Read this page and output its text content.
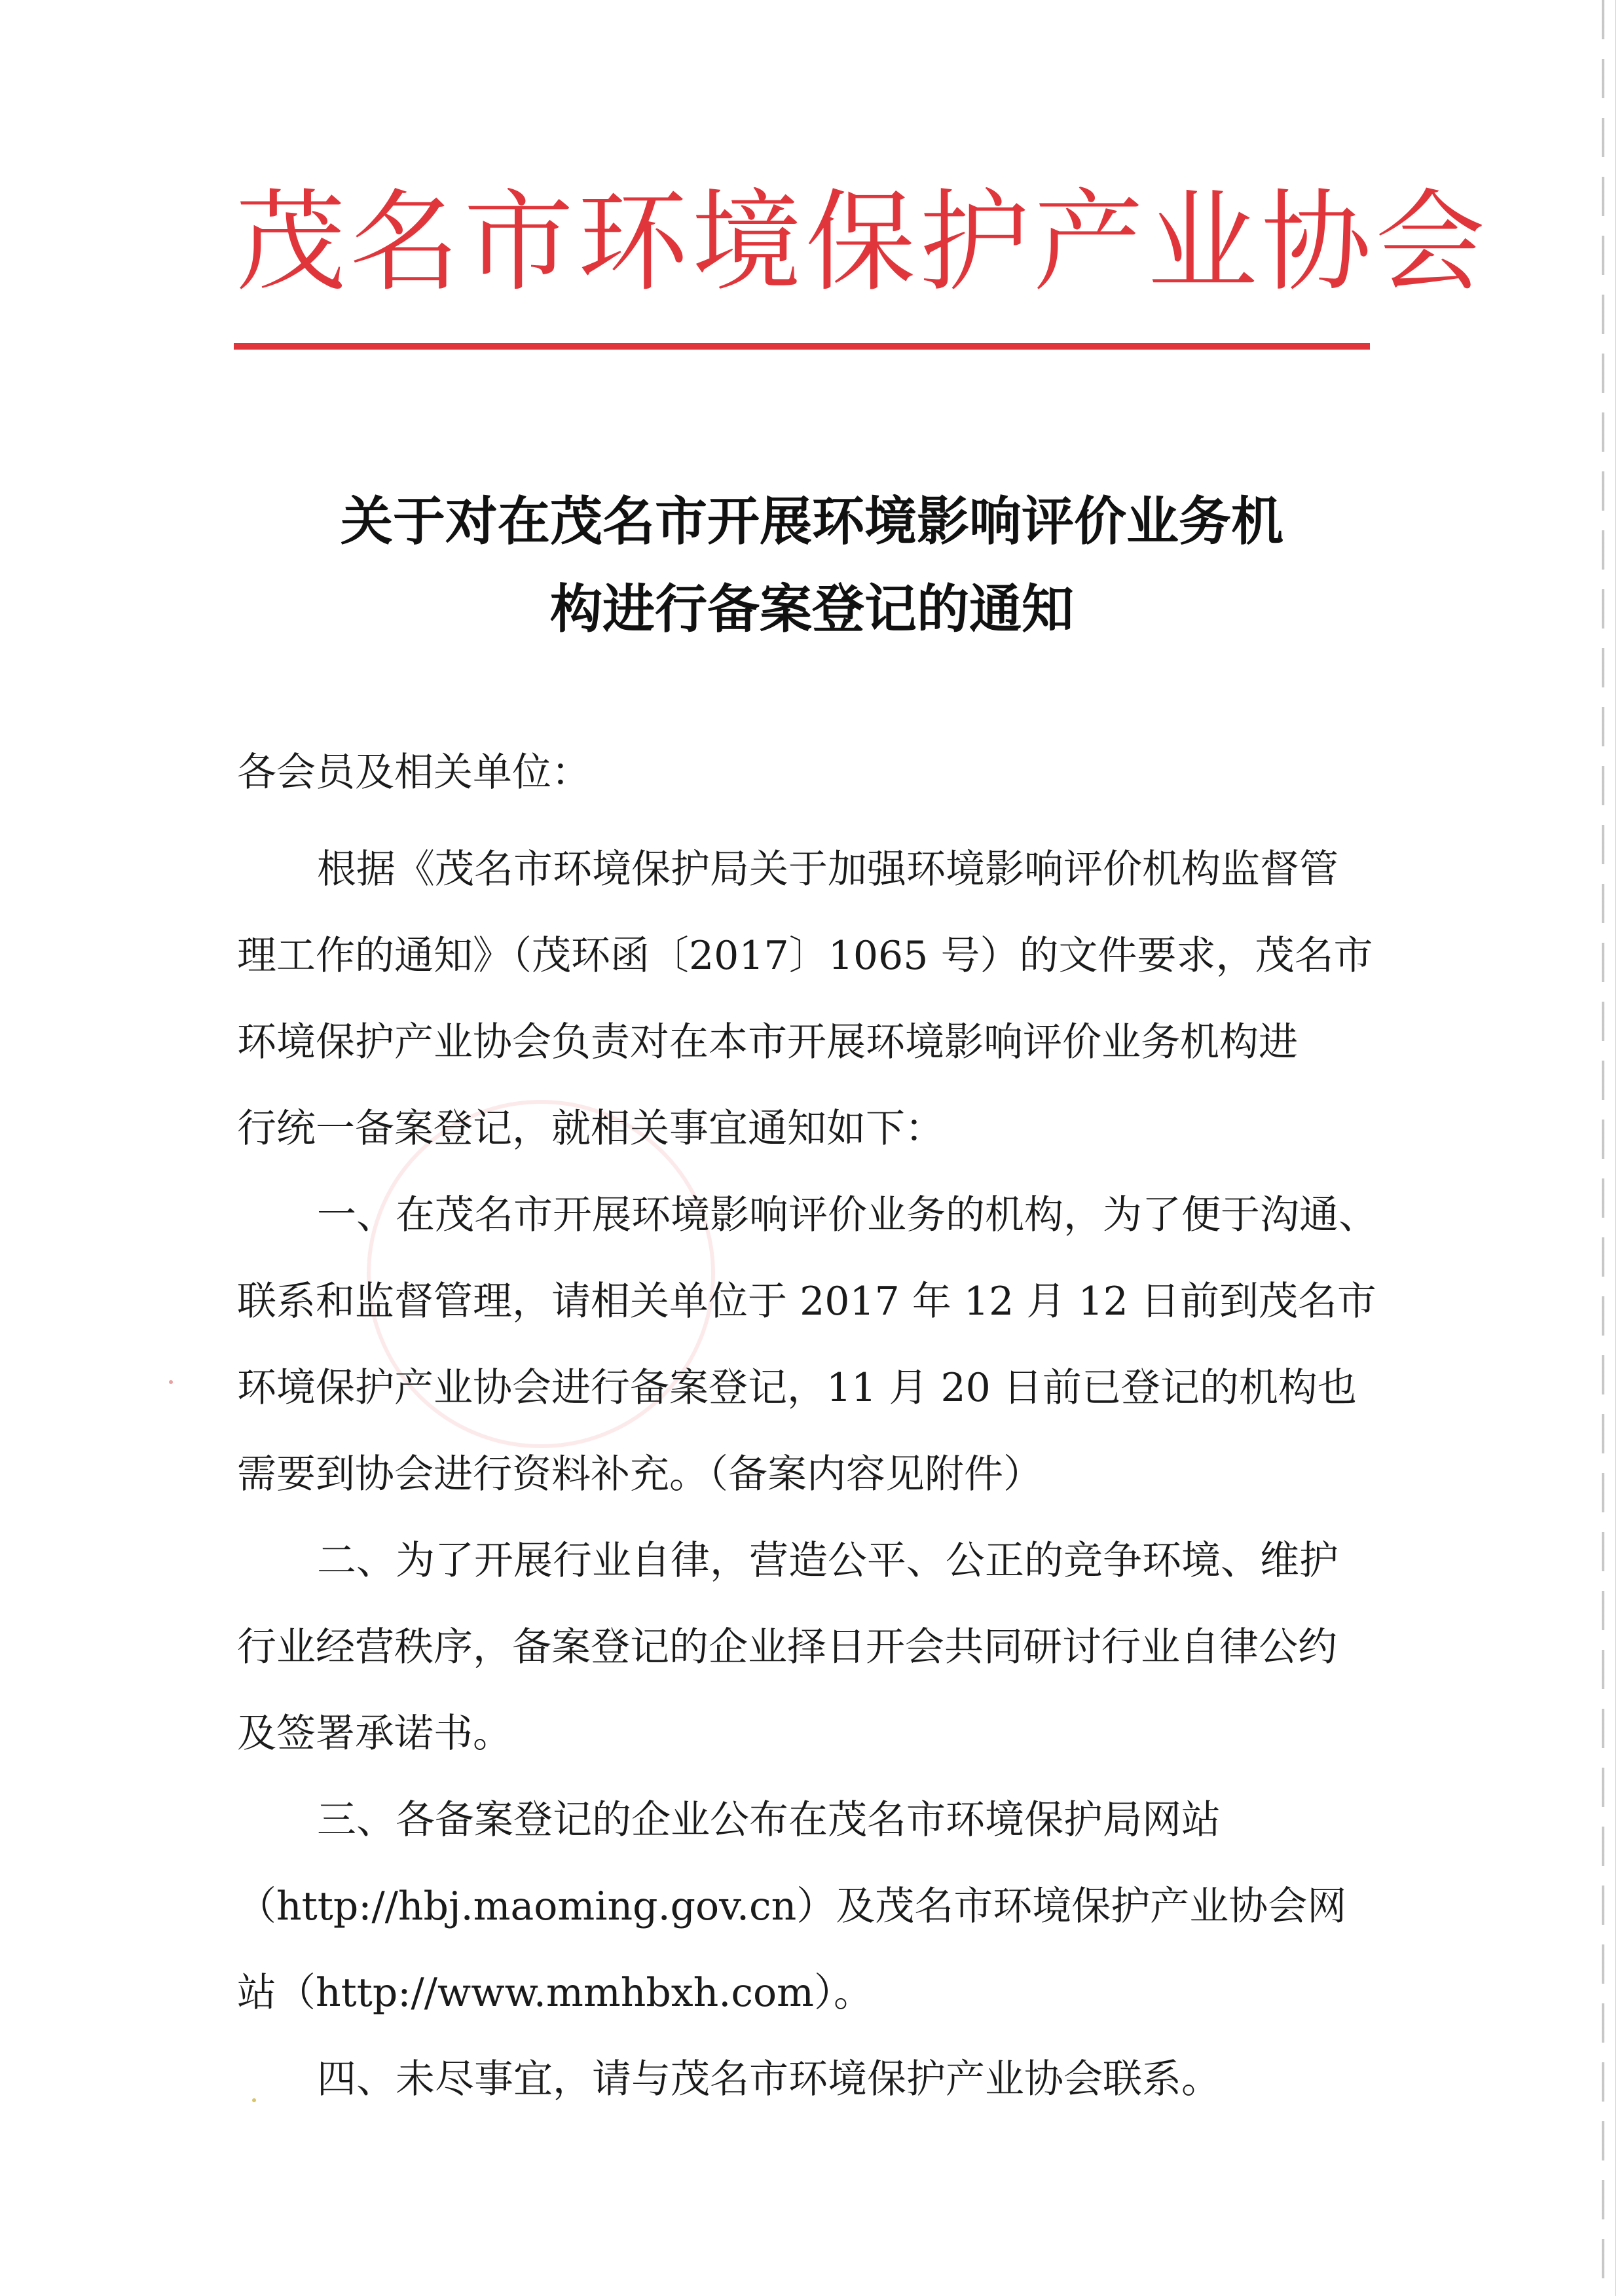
茂名市环境保护产业协会
关于对在茂名市开展环境影响评价业务机
构进行备案登记的通知
各会员及相关单位：
根据《茂名市环境保护局关于加强环境影响评价机构监督管
理工作的通知》（茂环函〔2017〕1065 号）的文件要求，茂名市
环境保护产业协会负责对在本市开展环境影响评价业务机构进
行统一备案登记，就相关事宜通知如下：
一、在茂名市开展环境影响评价业务的机构，为了便于沟通、
联系和监督管理，请相关单位于 2017 年 12 月 12 日前到茂名市
环境保护产业协会进行备案登记，11 月 20 日前已登记的机构也
需要到协会进行资料补充。（备案内容见附件）
二、为了开展行业自律，营造公平、公正的竞争环境、维护
行业经营秩序，备案登记的企业择日开会共同研讨行业自律公约
及签署承诺书。
三、各备案登记的企业公布在茂名市环境保护局网站
（http://hbj.maoming.gov.cn）及茂名市环境保护产业协会网
站（http://www.mmhbxh.com）。
四、未尽事宜，请与茂名市环境保护产业协会联系。
